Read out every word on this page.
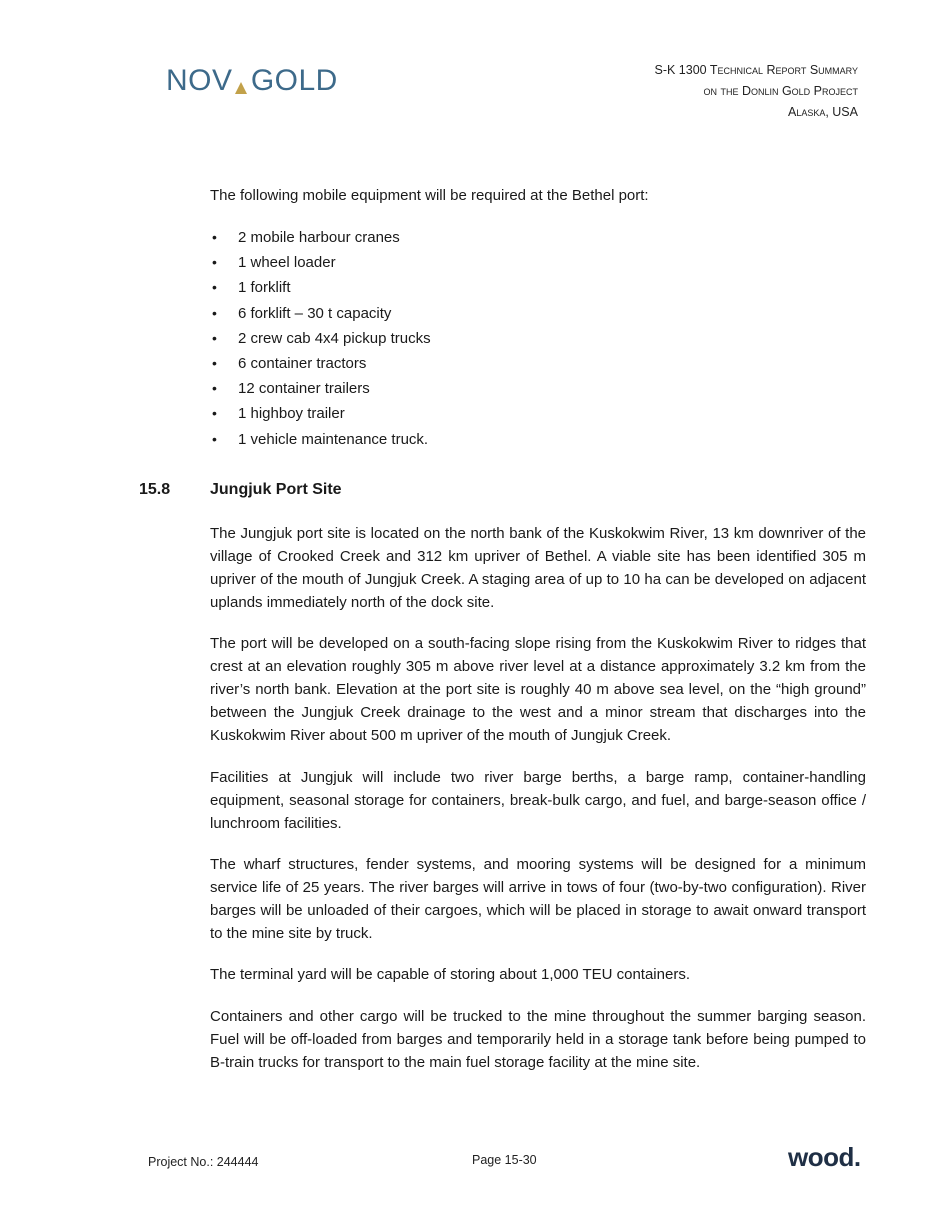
NOV GOLD	S-K 1300 Technical Report Summary
on the Donlin Gold Project
Alaska, USA

The following mobile equipment will be required at the Bethel port:

• 2 mobile harbour cranes
• 1 wheel loader
• 1 forklift
• 6 forklift – 30 t capacity
• 2 crew cab 4x4 pickup trucks
• 6 container tractors
• 12 container trailers
• 1 highboy trailer
• 1 vehicle maintenance truck.
15.8 Jungjuk Port Site

The Jungjuk port site is located on the north bank of the Kuskokwim River, 13 km downriver of the village of Crooked Creek and 312 km upriver of Bethel. A viable site has been identified 305 m upriver of the mouth of Jungjuk Creek. A staging area of up to 10 ha can be developed on adjacent uplands immediately north of the dock site.

The port will be developed on a south-facing slope rising from the Kuskokwim River to ridges that crest at an elevation roughly 305 m above river level at a distance approximately 3.2 km from the river’s north bank. Elevation at the port site is roughly 40 m above sea level, on the “high ground” between the Jungjuk Creek drainage to the west and a minor stream that discharges into the Kuskokwim River about 500 m upriver of the mouth of Jungjuk Creek.

Facilities at Jungjuk will include two river barge berths, a barge ramp, container-handling equipment, seasonal storage for containers, break-bulk cargo, and fuel, and barge-season office / lunchroom facilities.

The wharf structures, fender systems, and mooring systems will be designed for a minimum service life of 25 years. The river barges will arrive in tows of four (two-by-two configuration). River barges will be unloaded of their cargoes, which will be placed in storage to await onward transport to the mine site by truck.

The terminal yard will be capable of storing about 1,000 TEU containers.

Containers and other cargo will be trucked to the mine throughout the summer barging season. Fuel will be off-loaded from barges and temporarily held in a storage tank before being pumped to B-train trucks for transport to the main fuel storage facility at the mine site.

Project No.: 244444	Page 15-30	wood.
